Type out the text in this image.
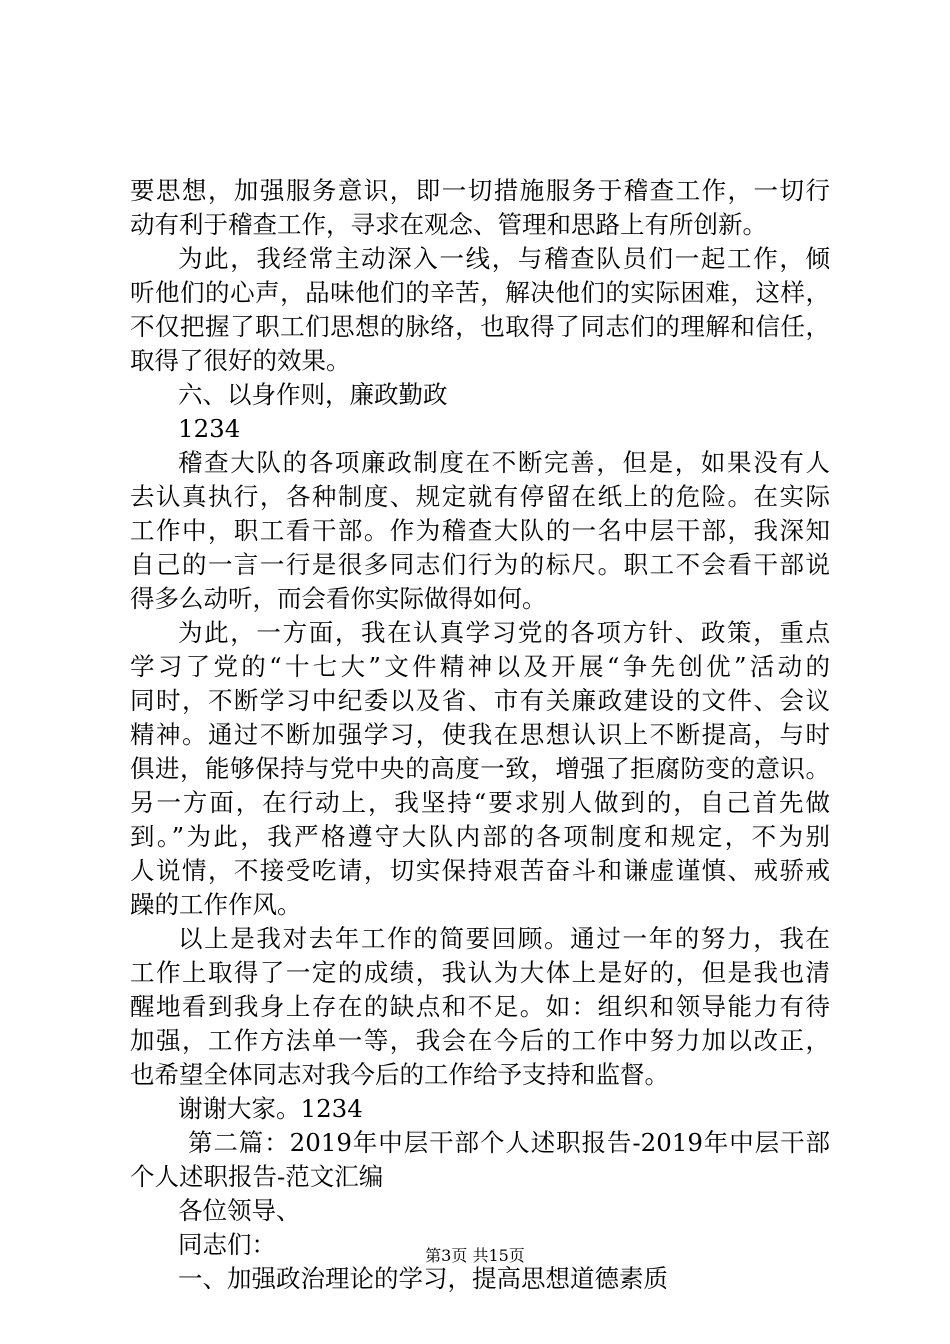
要思想，加强服务意识，即一切措施服务于稽查工作，一切行
动有利于稽查工作，寻求在观念、管理和思路上有所创新。
为此，我经常主动深入一线，与稽查队员们一起工作，倾
听他们的心声，品味他们的辛苦，解决他们的实际困难，这样，
不仅把握了职工们思想的脉络，也取得了同志们的理解和信任，
取得了很好的效果。
六、以身作则，廉政勤政
1234
稽查大队的各项廉政制度在不断完善，但是，如果没有人
去认真执行，各种制度、规定就有停留在纸上的危险。在实际
工作中，职工看干部。作为稽查大队的一名中层干部，我深知
自己的一言一行是很多同志们行为的标尺。职工不会看干部说
得多么动听，而会看你实际做得如何。
为此，一方面，我在认真学习党的各项方针、政策，重点
学习了党的“十七大”文件精神以及开展“争先创优”活动的
同时，不断学习中纪委以及省、市有关廉政建设的文件、会议
精神。通过不断加强学习，使我在思想认识上不断提高，与时
俱进，能够保持与党中央的高度一致，增强了拒腐防变的意识。
另一方面，在行动上，我坚持“要求别人做到的，自己首先做
到。”为此，我严格遵守大队内部的各项制度和规定，不为别
人说情，不接受吃请，切实保持艰苦奋斗和谦虚谨慎、戒骄戒
躁的工作作风。
以上是我对去年工作的简要回顾。通过一年的努力，我在
工作上取得了一定的成绩，我认为大体上是好的，但是我也清
醒地看到我身上存在的缺点和不足。如：组织和领导能力有待
加强，工作方法单一等，我会在今后的工作中努力加以改正，
也希望全体同志对我今后的工作给予支持和监督。
谢谢大家。1234
第二篇：2019年中层干部个人述职报告-2019年中层干部
个人述职报告-范文汇编
各位领导、
同志们：
一、加强政治理论的学习，提高思想道德素质
第3页 共15页
